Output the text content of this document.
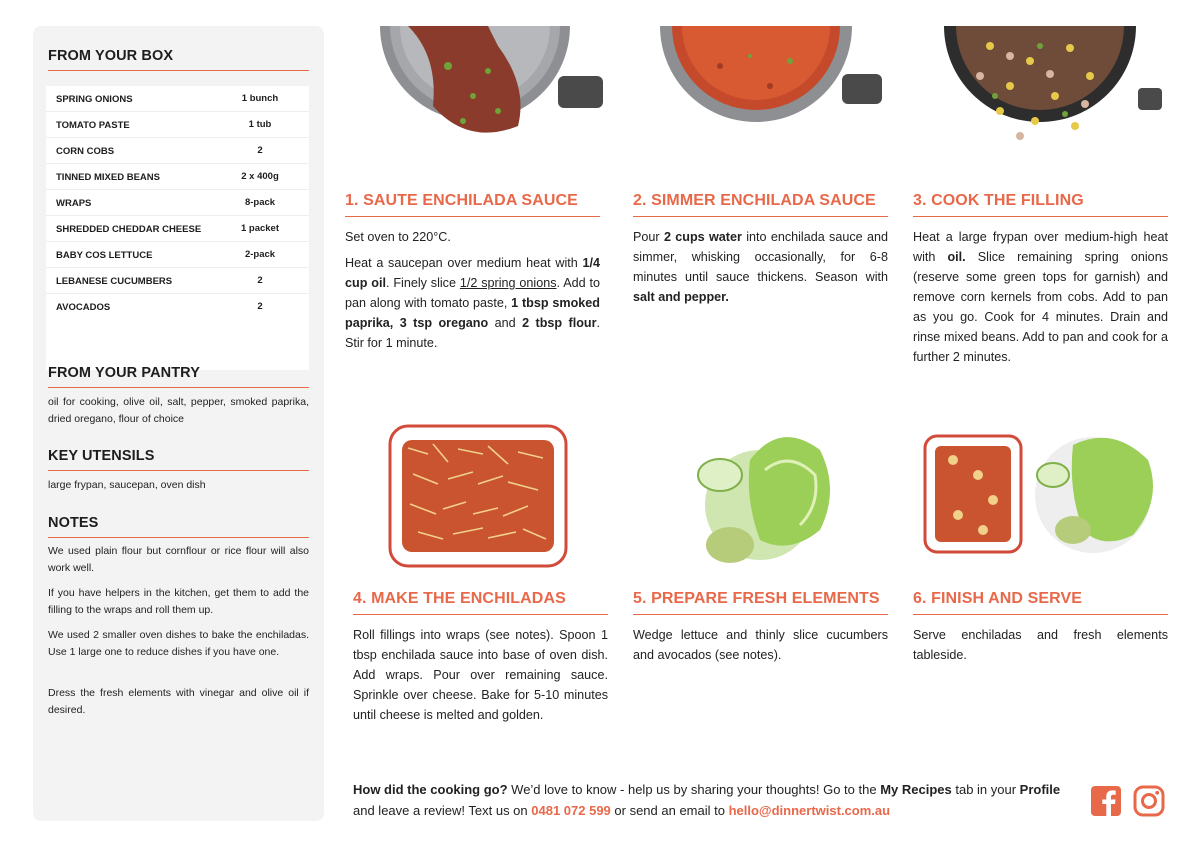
FROM YOUR BOX
SPRING ONIONS	1 bunch
TOMATO PASTE	1 tub
CORN COBS	2
TINNED MIXED BEANS	2 x 400g
WRAPS	8-pack
SHREDDED CHEDDAR CHEESE	1 packet
BABY COS LETTUCE	2-pack
LEBANESE CUCUMBERS	2
AVOCADOS	2
FROM YOUR PANTRY
oil for cooking, olive oil, salt, pepper, smoked paprika, dried oregano, flour of choice
KEY UTENSILS
large frypan, saucepan, oven dish
NOTES
We used plain flour but cornflour or rice flour will also work well.
If you have helpers in the kitchen, get them to add the filling to the wraps and roll them up.
We used 2 smaller oven dishes to bake the enchiladas. Use 1 large one to reduce dishes if you have one.
Dress the fresh elements with vinegar and olive oil if desired.
1. SAUTE ENCHILADA SAUCE

Set oven to 220°C.

Heat a saucepan over medium heat with 1/4 cup oil. Finely slice 1/2 spring onions. Add to pan along with tomato paste, 1 tbsp smoked paprika, 3 tsp oregano and 2 tbsp flour. Stir for 1 minute.

2. SIMMER ENCHILADA SAUCE

Pour 2 cups water into enchilada sauce and simmer, whisking occasionally, for 6-8 minutes until sauce thickens. Season with salt and pepper.

3. COOK THE FILLING

Heat a large frypan over medium-high heat with oil. Slice remaining spring onions (reserve some green tops for garnish) and remove corn kernels from cobs. Add to pan as you go. Cook for 4 minutes. Drain and rinse mixed beans. Add to pan and cook for a further 2 minutes.

4. MAKE THE ENCHILADAS

Roll fillings into wraps (see notes). Spoon 1 tbsp enchilada sauce into base of oven dish. Add wraps. Pour over remaining sauce. Sprinkle over cheese. Bake for 5-10 minutes until cheese is melted and golden.

5. PREPARE FRESH ELEMENTS

Wedge lettuce and thinly slice cucumbers and avocados (see notes).

6. FINISH AND SERVE

Serve enchiladas and fresh elements tableside.

How did the cooking go? We’d love to know - help us by sharing your thoughts! Go to the My Recipes tab in your Profile and leave a review! Text us on 0481 072 599 or send an email to hello@dinnertwist.com.au
